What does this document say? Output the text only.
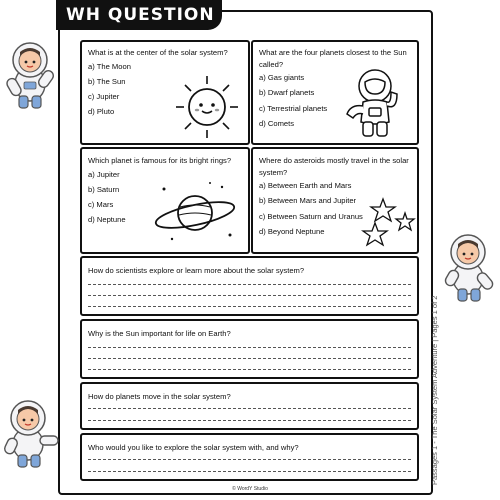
WH QUESTION
What is at the center of the solar system?
a) The Moon
b) The Sun
c) Jupiter
d) Pluto
What are the four planets closest to the Sun called?
a) Gas giants
b) Dwarf planets
c) Terrestrial planets
d) Comets
Which planet is famous for its bright rings?
a) Jupiter
b) Saturn
c) Mars
d) Neptune
Where do asteroids mostly travel in the solar system?
a) Between Earth and Mars
b) Between Mars and Jupiter
c) Between Saturn and Uranus
d) Beyond Neptune
How do scientists explore or learn more about the solar system?
Why is the Sun important for life on Earth?
How do planets move in the solar system?
Who would you like to explore the solar system with, and why?	Passages 1 - The Solar System Adventure | Pages 1 of 2
© WordY Studio
